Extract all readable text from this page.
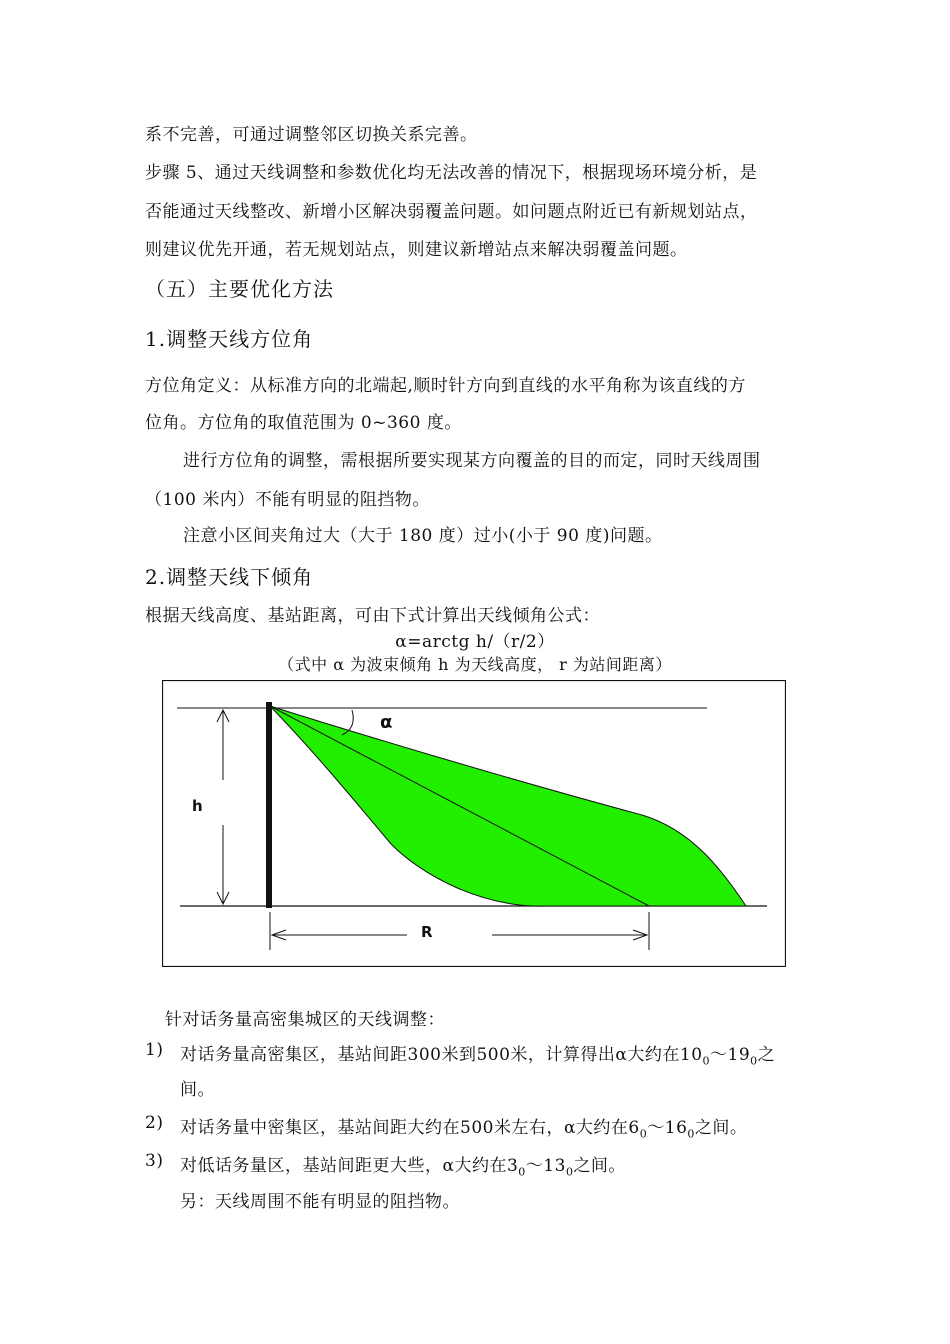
系不完善，可通过调整邻区切换关系完善。
步骤 5、通过天线调整和参数优化均无法改善的情况下，根据现场环境分析，是
否能通过天线整改、新增小区解决弱覆盖问题。如问题点附近已有新规划站点，
则建议优先开通，若无规划站点，则建议新增站点来解决弱覆盖问题。
（五）主要优化方法
1.调整天线方位角
方位角定义：从标准方向的北端起,顺时针方向到直线的水平角称为该直线的方
位角。方位角的取值范围为 0~360 度。
进行方位角的调整，需根据所要实现某方向覆盖的目的而定，同时天线周围
（100 米内）不能有明显的阻挡物。
注意小区间夹角过大（大于 180 度）过小(小于 90 度)问题。
2.调整天线下倾角
根据天线高度、基站距离，可由下式计算出天线倾角公式：
α=arctg h/（r/2）
（式中 α 为波束倾角 h 为天线高度， r 为站间距离）
α
h
R
针对话务量高密集城区的天线调整：
1) 对话务量高密集区，基站间距300米到500米，计算得出α大约在$10_0\sim 19_0$之
间。
2) 对话务量中密集区，基站间距大约在500米左右，α大约在$6_0\sim 16_0$之间。
3) 对低话务量区，基站间距更大些，α大约在$3_0\sim 13_0$之间。
另：天线周围不能有明显的阻挡物。
